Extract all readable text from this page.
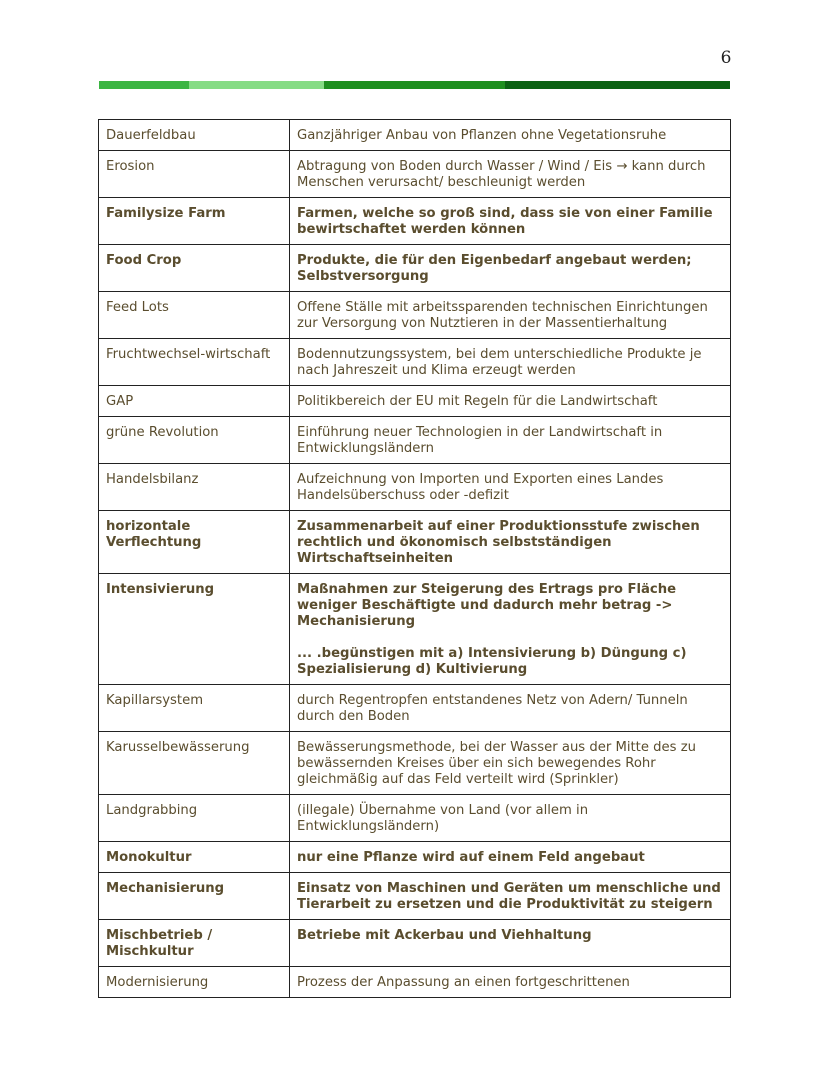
6
Dauerfeldbau	Ganzjähriger Anbau von Pflanzen ohne Vegetationsruhe
Erosion	Abtragung von Boden durch Wasser / Wind / Eis → kann durch Menschen verursacht/ beschleunigt werden
Familysize Farm	Farmen, welche so groß sind, dass sie von einer Familie bewirtschaftet werden können
Food Crop	Produkte, die für den Eigenbedarf angebaut werden; Selbstversorgung
Feed Lots	Offene Ställe mit arbeitssparenden technischen Einrichtungen zur Versorgung von Nutztieren in der Massentierhaltung
Fruchtwechsel-wirtschaft	Bodennutzungssystem, bei dem unterschiedliche Produkte je nach Jahreszeit und Klima erzeugt werden
GAP	Politikbereich der EU mit Regeln für die Landwirtschaft
grüne Revolution	Einführung neuer Technologien in der Landwirtschaft in Entwicklungsländern
Handelsbilanz	Aufzeichnung von Importen und Exporten eines Landes Handelsüberschuss oder -defizit
horizontale Verflechtung	Zusammenarbeit auf einer Produktionsstufe zwischen rechtlich und ökonomisch selbstständigen Wirtschaftseinheiten
Intensivierung	Maßnahmen zur Steigerung des Ertrags pro Fläche weniger Beschäftigte und dadurch mehr betrag -> Mechanisierung
... .begünstigen mit a) Intensivierung b) Düngung c) Spezialisierung d) Kultivierung

Kapillarsystem	durch Regentropfen entstandenes Netz von Adern/ Tunneln durch den Boden
Karusselbewässerung	Bewässerungsmethode, bei der Wasser aus der Mitte des zu bewässernden Kreises über ein sich bewegendes Rohr gleichmäßig auf das Feld verteilt wird (Sprinkler)
Landgrabbing	(illegale) Übernahme von Land (vor allem in Entwicklungsländern)
Monokultur	nur eine Pflanze wird auf einem Feld angebaut
Mechanisierung	Einsatz von Maschinen und Geräten um menschliche und Tierarbeit zu ersetzen und die Produktivität zu steigern
Mischbetrieb / Mischkultur	Betriebe mit Ackerbau und Viehhaltung
Modernisierung	Prozess der Anpassung an einen fortgeschrittenen
